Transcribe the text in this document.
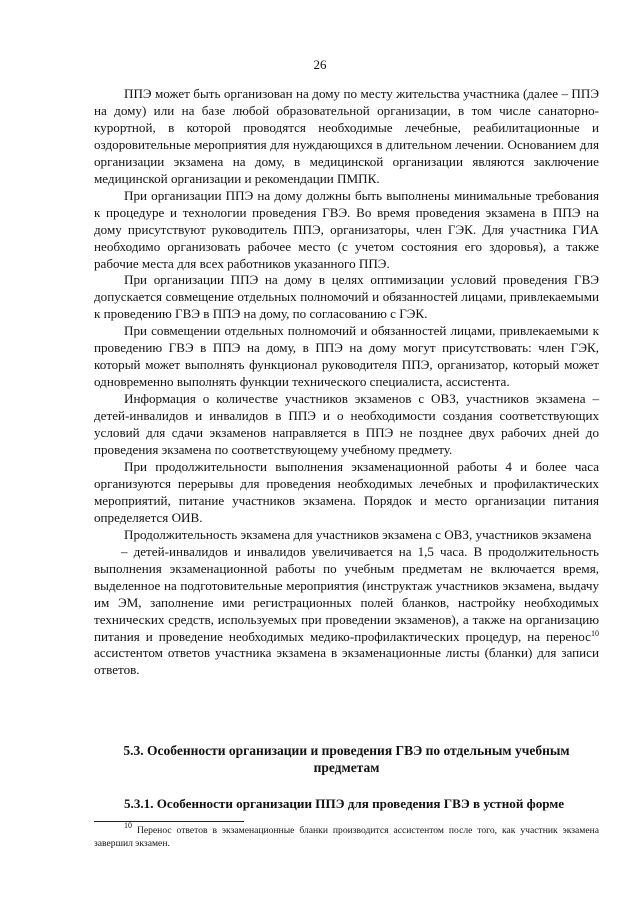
26

ППЭ может быть организован на дому по месту жительства участника (далее – ППЭ на дому) или на базе любой образовательной организации, в том числе санаторно-курортной, в которой проводятся необходимые лечебные, реабилитационные и оздоровительные мероприятия для нуждающихся в длительном лечении. Основанием для организации экзамена на дому, в медицинской организации являются заключение медицинской организации и рекомендации ПМПК.

При организации ППЭ на дому должны быть выполнены минимальные требования к процедуре и технологии проведения ГВЭ. Во время проведения экзамена в ППЭ на дому присутствуют руководитель ППЭ, организаторы, член ГЭК. Для участника ГИА необходимо организовать рабочее место (с учетом состояния его здоровья), а также рабочие места для всех работников указанного ППЭ.

При организации ППЭ на дому в целях оптимизации условий проведения ГВЭ допускается совмещение отдельных полномочий и обязанностей лицами, привлекаемыми к проведению ГВЭ в ППЭ на дому, по согласованию с ГЭК.

При совмещении отдельных полномочий и обязанностей лицами, привлекаемыми к проведению ГВЭ в ППЭ на дому, в ППЭ на дому могут присутствовать: член ГЭК, который может выполнять функционал руководителя ППЭ, организатор, который может одновременно выполнять функции технического специалиста, ассистента.

Информация о количестве участников экзаменов с ОВЗ, участников экзамена – детей-инвалидов и инвалидов в ППЭ и о необходимости создания соответствующих условий для сдачи экзаменов направляется в ППЭ не позднее двух рабочих дней до проведения экзамена по соответствующему учебному предмету.

При продолжительности выполнения экзаменационной работы 4 и более часа организуются перерывы для проведения необходимых лечебных и профилактических мероприятий, питание участников экзамена. Порядок и место организации питания определяется ОИВ.

Продолжительность экзамена для участников экзамена с ОВЗ, участников экзамена

– детей-инвалидов и инвалидов увеличивается на 1,5 часа. В продолжительность выполнения экзаменационной работы по учебным предметам не включается время, выделенное на подготовительные мероприятия (инструктаж участников экзамена, выдачу им ЭМ, заполнение ими регистрационных полей бланков, настройку необходимых технических средств, используемых при проведении экзаменов), а также на организацию питания и проведение необходимых медико-профилактических процедур, на перенос$^{10}$ ассистентом ответов участника экзамена в экзаменационные листы (бланки) для записи ответов.

5.3. Особенности организации и проведения ГВЭ по отдельным учебным предметам
5.3.1. Особенности организации ППЭ для проведения ГВЭ в устной форме
$^{10}$ Перенос ответов в экзаменационные бланки производится ассистентом после того, как участник экзамена завершил экзамен.
